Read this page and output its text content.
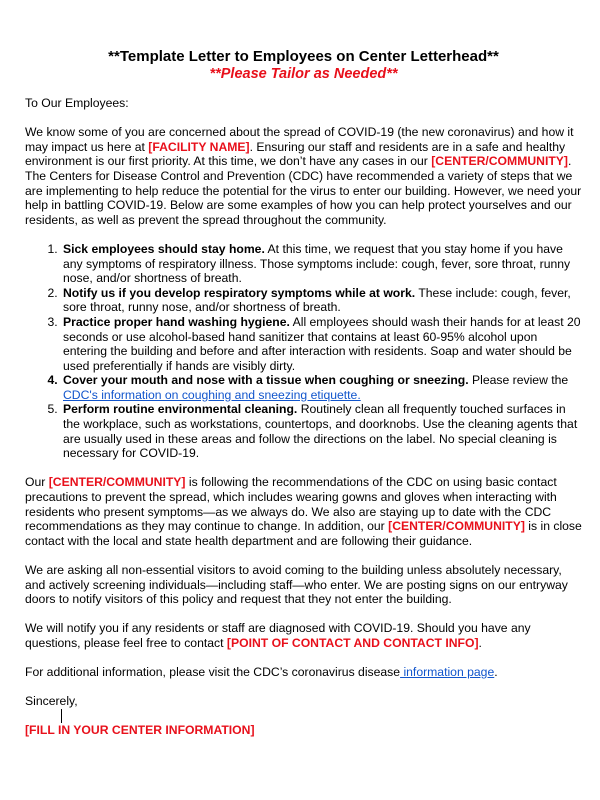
**Template Letter to Employees on Center Letterhead**

**Please Tailor as Needed**

To Our Employees:

We know some of you are concerned about the spread of COVID-19 (the new coronavirus) and how it may impact us here at [FACILITY NAME]. Ensuring our staff and residents are in a safe and healthy environment is our first priority. At this time, we don’t have any cases in our [CENTER/COMMUNITY]. The Centers for Disease Control and Prevention (CDC) have recommended a variety of steps that we are implementing to help reduce the potential for the virus to enter our building. However, we need your help in battling COVID-19. Below are some examples of how you can help protect yourselves and our residents, as well as prevent the spread throughout the community.

1. Sick employees should stay home. At this time, we request that you stay home if you have any symptoms of respiratory illness. Those symptoms include: cough, fever, sore throat, runny nose, and/or shortness of breath.
2. Notify us if you develop respiratory symptoms while at work. These include: cough, fever, sore throat, runny nose, and/or shortness of breath.
3. Practice proper hand washing hygiene. All employees should wash their hands for at least 20 seconds or use alcohol-based hand sanitizer that contains at least 60-95% alcohol upon entering the building and before and after interaction with residents. Soap and water should be used preferentially if hands are visibly dirty.
4. Cover your mouth and nose with a tissue when coughing or sneezing. Please review the CDC's information on coughing and sneezing etiquette.
5. Perform routine environmental cleaning. Routinely clean all frequently touched surfaces in the workplace, such as workstations, countertops, and doorknobs. Use the cleaning agents that are usually used in these areas and follow the directions on the label. No special cleaning is necessary for COVID-19.

Our [CENTER/COMMUNITY] is following the recommendations of the CDC on using basic contact precautions to prevent the spread, which includes wearing gowns and gloves when interacting with residents who present symptoms—as we always do. We also are staying up to date with the CDC recommendations as they may continue to change. In addition, our [CENTER/COMMUNITY] is in close contact with the local and state health department and are following their guidance.

We are asking all non-essential visitors to avoid coming to the building unless absolutely necessary, and actively screening individuals—including staff—who enter. We are posting signs on our entryway doors to notify visitors of this policy and request that they not enter the building.

We will notify you if any residents or staff are diagnosed with COVID-19. Should you have any questions, please feel free to contact [POINT OF CONTACT AND CONTACT INFO].

For additional information, please visit the CDC’s coronavirus disease information page.

Sincerely,

[FILL IN YOUR CENTER INFORMATION]
